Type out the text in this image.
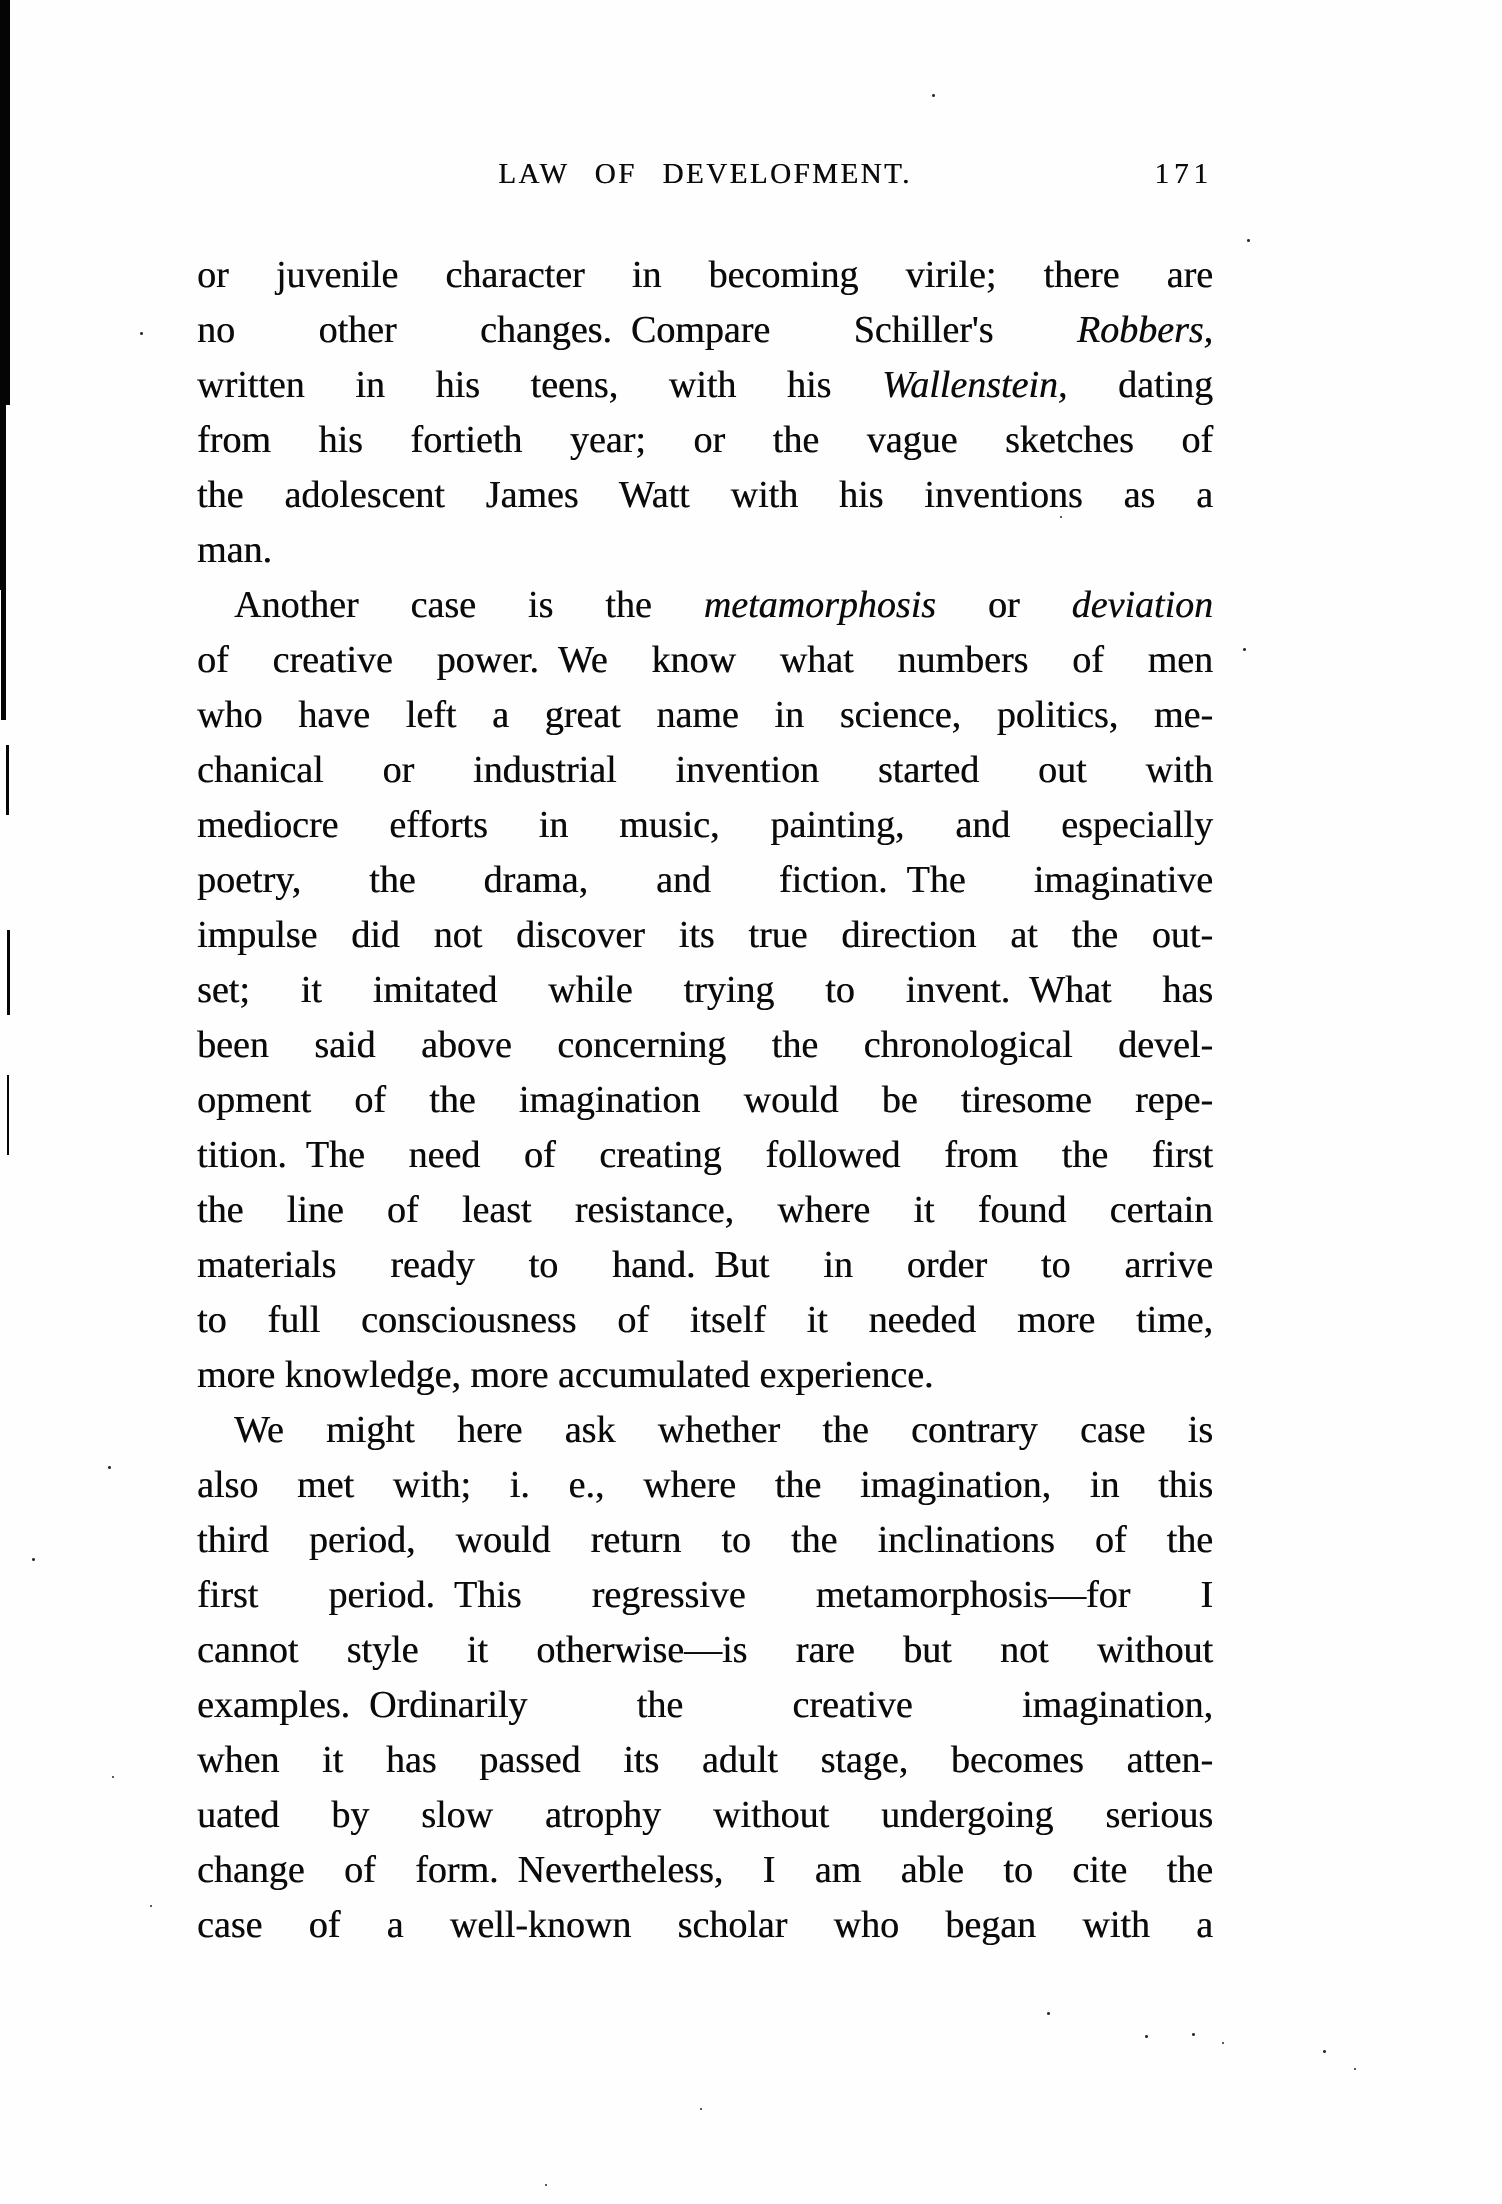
LAW OF DEVELOFMENT.	171
or juvenile character in becoming virile; there are
no other changes. Compare Schiller's Robbers,
written in his teens, with his Wallenstein, dating
from his fortieth year; or the vague sketches of
the adolescent James Watt with his inventions as a
man.
Another case is the metamorphosis or deviation
of creative power. We know what numbers of men
who have left a great name in science, politics, me-
chanical or industrial invention started out with
mediocre efforts in music, painting, and especially
poetry, the drama, and fiction. The imaginative
impulse did not discover its true direction at the out-
set; it imitated while trying to invent. What has
been said above concerning the chronological devel-
opment of the imagination would be tiresome repe-
tition. The need of creating followed from the first
the line of least resistance, where it found certain
materials ready to hand. But in order to arrive
to full consciousness of itself it needed more time,
more knowledge, more accumulated experience.
We might here ask whether the contrary case is
also met with; i. e., where the imagination, in this
third period, would return to the inclinations of the
first period. This regressive metamorphosis—for I
cannot style it otherwise—is rare but not without
examples. Ordinarily the creative imagination,
when it has passed its adult stage, becomes atten-
uated by slow atrophy without undergoing serious
change of form. Nevertheless, I am able to cite the
case of a well-known scholar who began with a
